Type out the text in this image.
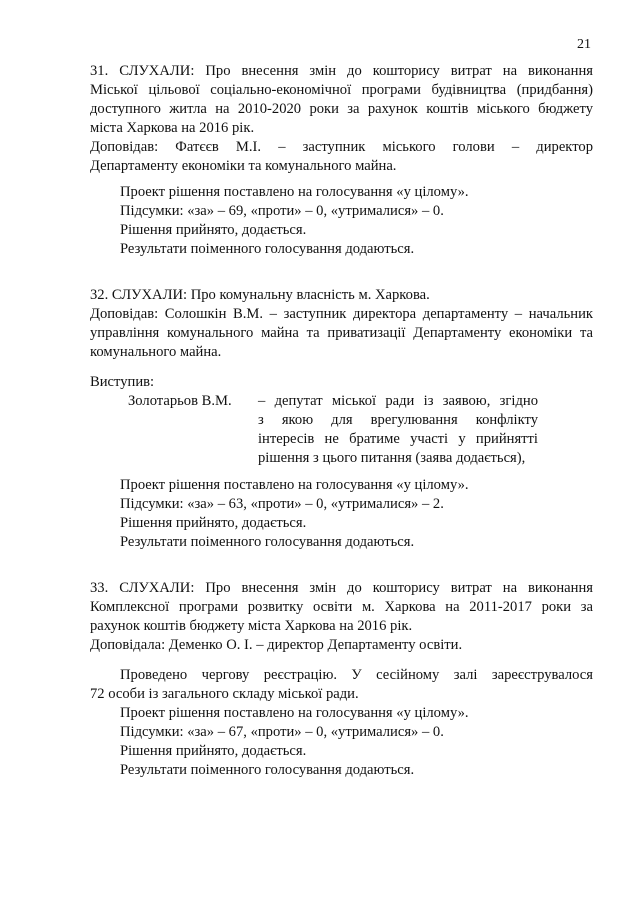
21

31. СЛУХАЛИ: Про внесення змін до кошторису витрат на виконання

Міської цільової соціально-економічної програми будівництва (придбання)

доступного житла на 2010-2020 роки за рахунок коштів міського бюджету

міста Харкова на 2016 рік.

Доповідав: Фатєєв М.І. – заступник міського голови – директор

Департаменту економіки та комунального майна.

Проект рішення поставлено на голосування «у цілому».

Підсумки: «за» – 69, «проти» – 0, «утрималися» – 0.

Рішення прийнято, додається.

Результати поіменного голосування додаються.

32. СЛУХАЛИ: Про комунальну власність м. Харкова.

Доповідав: Солошкін В.М. – заступник директора департаменту – начальник

управління комунального майна та приватизації Департаменту економіки та

комунального майна.

Виступив:

Золотарьов В.М.	– депутат міської ради із заявою, згідно

з якою для врегулювання конфлікту

інтересів не братиме участі у прийнятті

рішення з цього питання (заява додається),

Проект рішення поставлено на голосування «у цілому».

Підсумки: «за» – 63, «проти» – 0, «утрималися» – 2.

Рішення прийнято, додається.

Результати поіменного голосування додаються.

33. СЛУХАЛИ: Про внесення змін до кошторису витрат на виконання

Комплексної програми розвитку освіти м. Харкова на 2011-2017 роки за

рахунок коштів бюджету міста Харкова на 2016 рік.

Доповідала: Деменко О. І. – директор Департаменту освіти.

Проведено чергову реєстрацію. У сесійному залі зареєструвалося

72 особи із загального складу міської ради.

Проект рішення поставлено на голосування «у цілому».

Підсумки: «за» – 67, «проти» – 0, «утрималися» – 0.

Рішення прийнято, додається.

Результати поіменного голосування додаються.
